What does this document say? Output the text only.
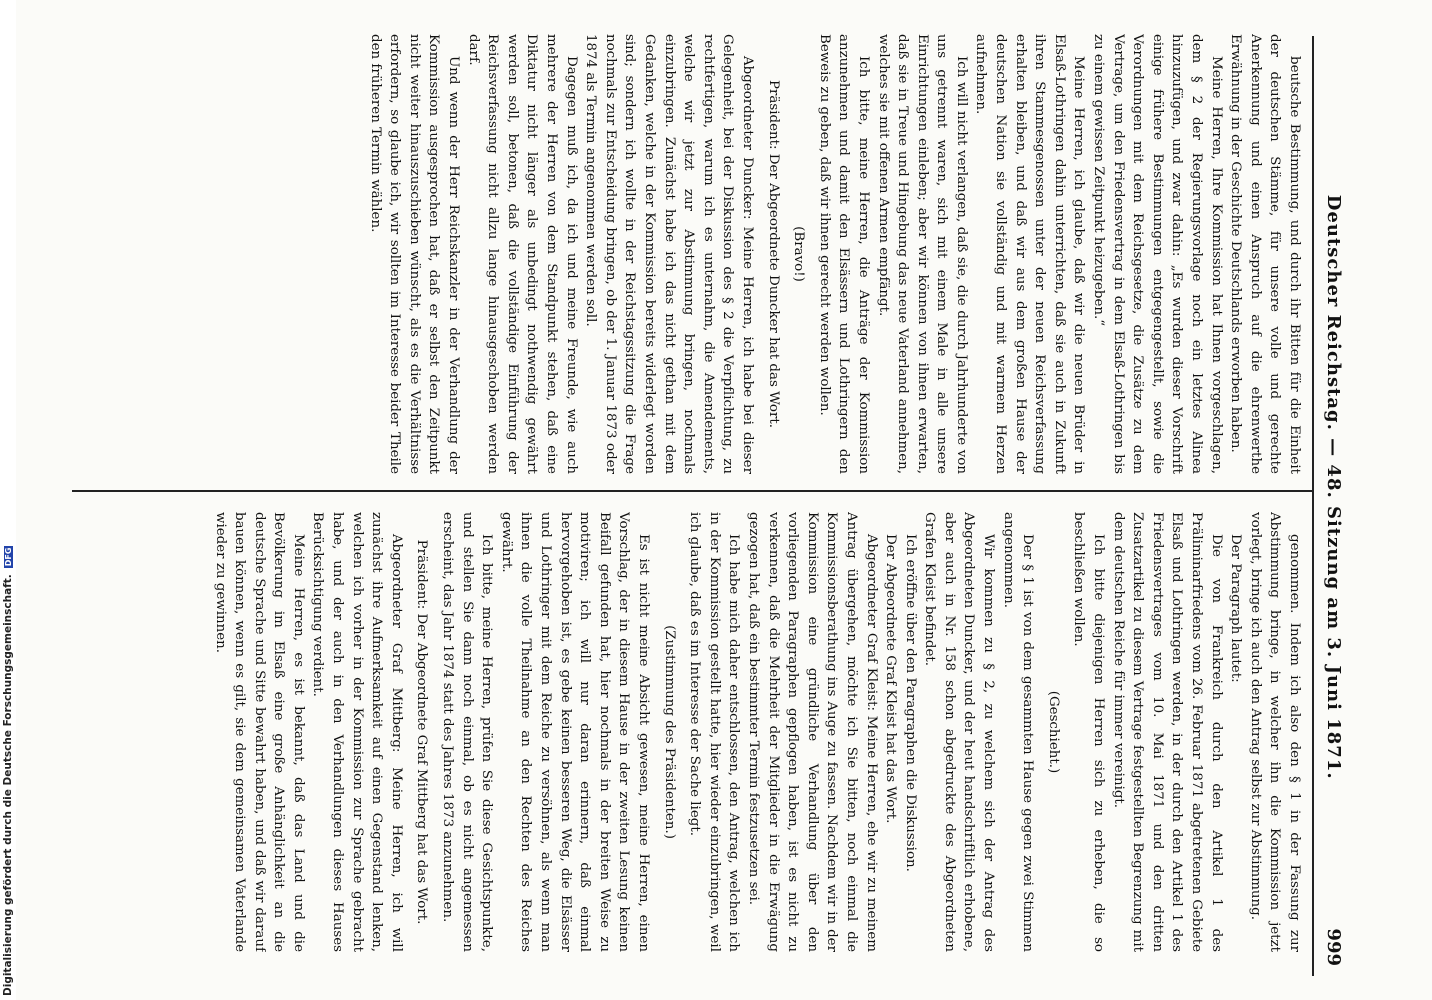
Deutscher Reichstag. — 48. Sitzung am 3. Juni 1871.
999

beutsche Bestimmung, und durch ihr Bitten für die Einheit der deutschen Stämme, für unsere volle und gerechte Anerkennung und einen Anspruch auf die ehrenwerthe Erwähnung in der Geschichte Deutschlands erworben haben.

Meine Herren, Ihre Kommission hat Ihnen vorgeschlagen, dem § 2 der Regierungsvorlage noch ein letztes Alinea hinzuzufügen, und zwar dahin: „Es wurden dieser Vorschrift einige frühere Bestimmungen entgegengestellt, sowie die Verordnungen mit dem Reichsgesetze, die Zusätze zu dem Vertrage, um den Friedensvertrag in dem Elsaß-Lothringen bis zu einem gewissen Zeitpunkt heizugeben.“

Meine Herren, ich glaube, daß wir die neuen Brüder in Elsaß-Lothringen dahin unterrichten, daß sie auch in Zukunft ihren Stammesgenossen unter der neuen Reichsverfassung erhalten bleiben, und daß wir aus dem großen Hause der deutschen Nation sie vollständig und mit warmem Herzen aufnehmen.

Ich will nicht verlangen, daß sie, die durch Jahrhunderte von uns getrennt waren, sich mit einem Male in alle unsere Einrichtungen einleben; aber wir können von ihnen erwarten, daß sie in Treue und Hingebung das neue Vaterland annehmen, welches sie mit offenen Armen empfängt.

Ich bitte, meine Herren, die Anträge der Kommission anzunehmen und damit den Elsässern und Lothringern den Beweis zu geben, daß wir ihnen gerecht werden wollen.

(Bravo!)

Präsident: Der Abgeordnete Duncker hat das Wort.

Abgeordneter Duncker: Meine Herren, ich habe bei dieser Gelegenheit, bei der Diskussion des § 2 die Verpflichtung, zu rechtfertigen, warum ich es unternahm, die Amendements, welche wir jetzt zur Abstimmung bringen, nochmals einzubringen. Zunächst habe ich das nicht gethan mit dem Gedanken, welche in der Kommission bereits widerlegt worden sind; sondern ich wollte in der Reichstagssitzung die Frage nochmals zur Entscheidung bringen, ob der 1. Januar 1873 oder 1874 als Termin angenommen werden soll.

Dagegen muß ich, da ich und meine Freunde, wie auch mehrere der Herren von dem Standpunkt stehen, daß eine Diktatur nicht länger als unbedingt nothwendig gewährt werden soll, betonen, daß die vollständige Einführung der Reichsverfassung nicht allzu lange hinausgeschoben werden darf.

Und wenn der Herr Reichskanzler in der Verhandlung der Kommission ausgesprochen hat, daß er selbst den Zeitpunkt nicht weiter hinauszuschieben wünscht, als es die Verhältnisse erfordern, so glaube ich, wir sollten im Interesse beider Theile den früheren Termin wählen.

genommen. Indem ich also den § 1 in der Fassung zur Abstimmung bringe, in welcher ihn die Kommission jetzt vorlegt, bringe ich auch den Antrag selbst zur Abstimmung.

Der Paragraph lautet:

Die von Frankreich durch den Artikel 1 des Präliminarfriedens vom 26. Februar 1871 abgetretenen Gebiete Elsaß und Lothringen werden, in der durch den Artikel 1 des Friedensvertrages vom 10. Mai 1871 und den dritten Zusatzartikel zu diesem Vertrage festgestellten Begrenzung mit dem deutschen Reiche für immer vereinigt.

Ich bitte diejenigen Herren sich zu erheben, die so beschließen wollen.

(Geschieht.)

Der § 1 ist von dem gesammten Hause gegen zwei Stimmen angenommen.

Wir kommen zu § 2, zu welchem sich der Antrag des Abgeordneten Duncker, und der heut handschriftlich erhobene, aber auch in Nr. 158 schon abgedruckte des Abgeordneten Grafen Kleist befindet.

Ich eröffne über den Paragraphen die Diskussion.

Der Abgeordnete Graf Kleist hat das Wort.

Abgeordneter Graf Kleist: Meine Herren, ehe wir zu meinem Antrag übergehen, möchte ich Sie bitten, noch einmal die Kommissionsberathung ins Auge zu fassen. Nachdem wir in der Kommission eine gründliche Verhandlung über den vorliegenden Paragraphen gepflogen haben, ist es nicht zu verkennen, daß die Mehrheit der Mitglieder in die Erwägung gezogen hat, daß ein bestimmter Termin festzusetzen sei.

Ich habe mich daher entschlossen, den Antrag, welchen ich in der Kommission gestellt hatte, hier wieder einzubringen, weil ich glaube, daß es im Interesse der Sache liegt.

(Zustimmung des Präsidenten.)

Es ist nicht meine Absicht gewesen, meine Herren, einen Vorschlag, der in diesem Hause in der zweiten Lesung keinen Beifall gefunden hat, hier nochmals in der breiten Weise zu motiviren; ich will nur daran erinnern, daß einmal hervorgehoben ist, es gebe keinen besseren Weg, die Elsässer und Lothringer mit dem Reiche zu versöhnen, als wenn man ihnen die volle Theilnahme an den Rechten des Reiches gewährt.

Ich bitte, meine Herren, prüfen Sie diese Gesichtspunkte, und stellen Sie dann noch einmal, ob es nicht angemessen erscheint, das Jahr 1874 statt des Jahres 1873 anzunehmen.

Präsident: Der Abgeordnete Graf Mittberg hat das Wort.

Abgeordneter Graf Mittberg: Meine Herren, ich will zunächst ihre Aufmerksamkeit auf einen Gegenstand lenken, welchen ich vorher in der Kommission zur Sprache gebracht habe, und der auch in den Verhandlungen dieses Hauses Berücksichtigung verdient.

Meine Herren, es ist bekannt, daß das Land und die Bevölkerung im Elsaß eine große Anhänglichkeit an die deutsche Sprache und Sitte bewahrt haben, und daß wir darauf bauen können, wenn es gilt, sie dem gemeinsamen Vaterlande wieder zu gewinnen.

Digitalisierung gefördert durch die Deutsche Forschungsgemeinschaft.DFG
